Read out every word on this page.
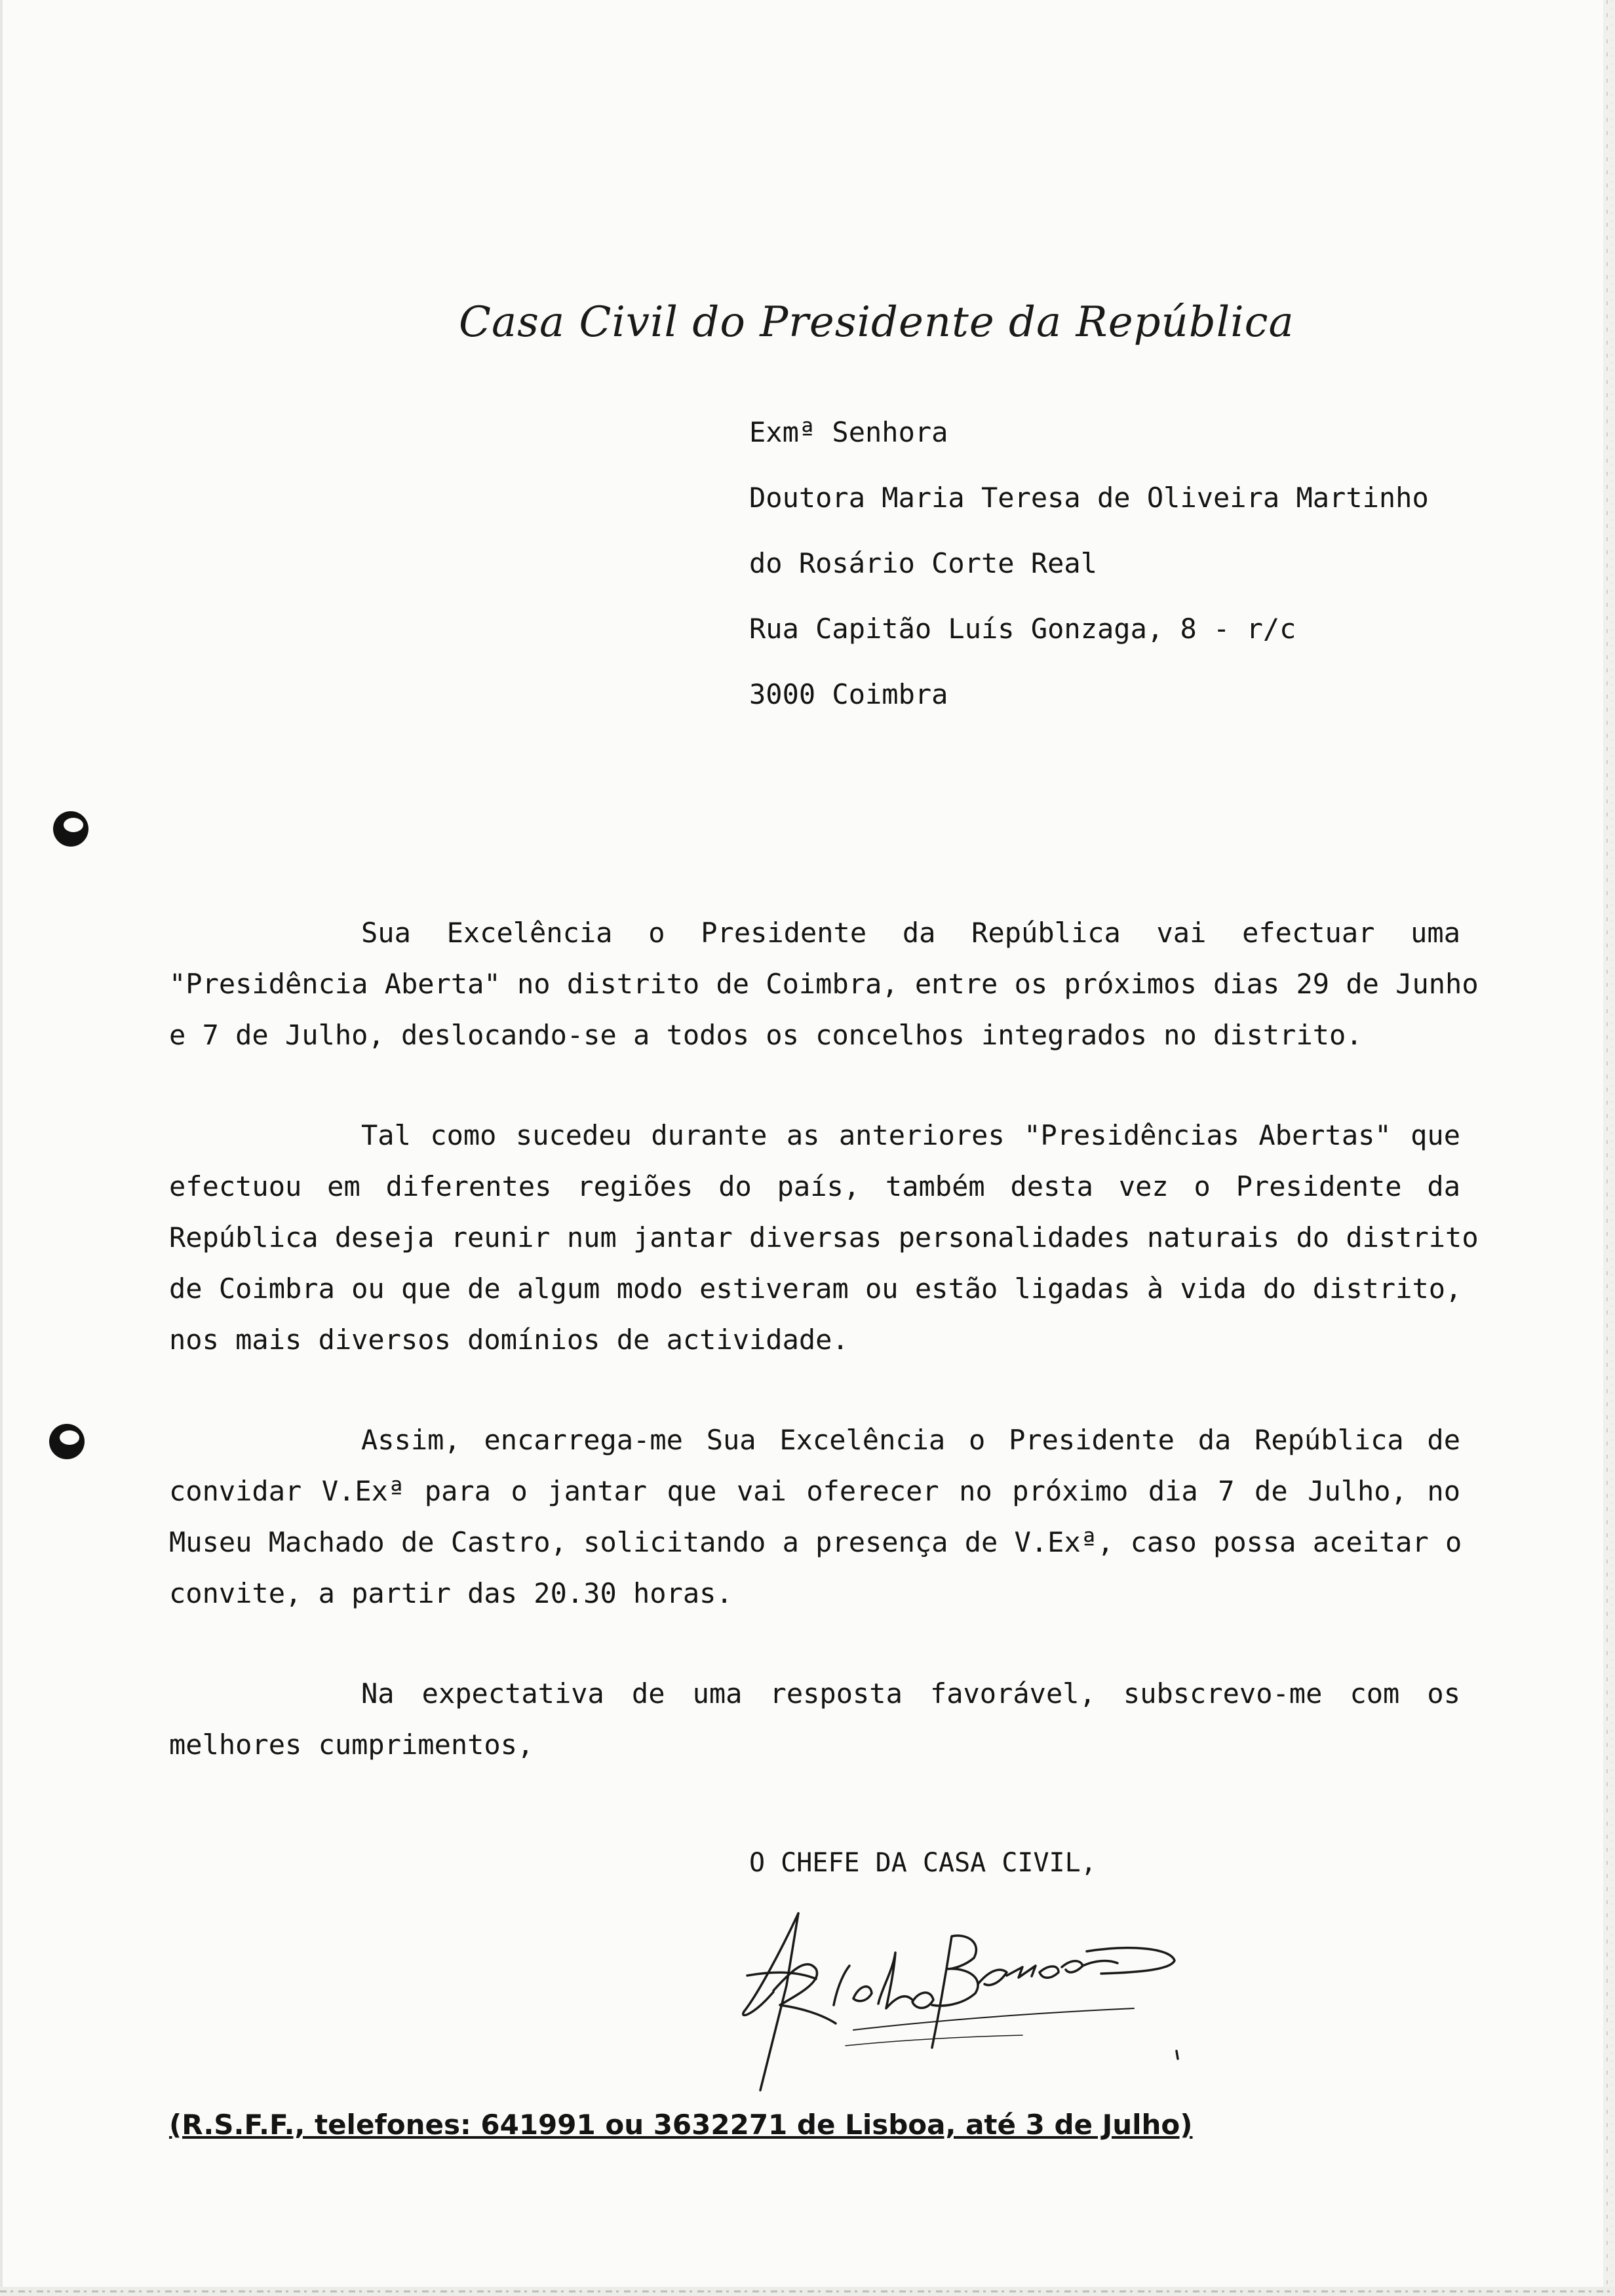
Casa Civil do Presidente da República
Exmª Senhora
Doutora Maria Teresa de Oliveira Martinho
do Rosário Corte Real
Rua Capitão Luís Gonzaga, 8 - r/c
3000 Coimbra
Sua Excelência o Presidente da República vai efectuar uma
"Presidência Aberta" no distrito de Coimbra, entre os próximos dias 29 de Junho
e 7 de Julho, deslocando-se a todos os concelhos integrados no distrito.
Tal como sucedeu durante as anteriores "Presidências Abertas" que
efectuou em diferentes regiões do país, também desta vez o Presidente da
República deseja reunir num jantar diversas personalidades naturais do distrito
de Coimbra ou que de algum modo estiveram ou estão ligadas à vida do distrito,
nos mais diversos domínios de actividade.
Assim, encarrega-me Sua Excelência o Presidente da República de
convidar V.Exª para o jantar que vai oferecer no próximo dia 7 de Julho, no
Museu Machado de Castro, solicitando a presença de V.Exª, caso possa aceitar o
convite, a partir das 20.30 horas.
Na expectativa de uma resposta favorável, subscrevo-me com os
melhores cumprimentos,
O CHEFE DA CASA CIVIL,
(R.S.F.F., telefones: 641991 ou 3632271 de Lisboa, até 3 de Julho)
